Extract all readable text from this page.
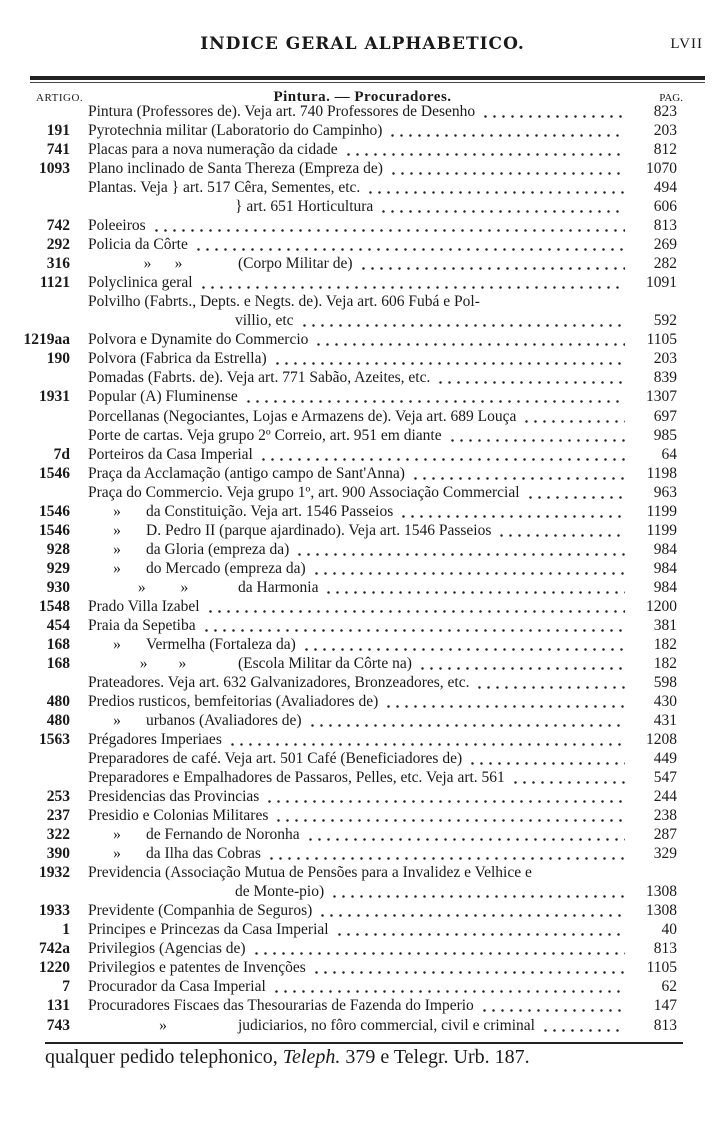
INDICE GERAL ALPHABETICO.	LVII
ARTIGO.	Pintura. — Procuradores.	PAG.
Pintura (Professores de). Veja art. 740 Professores de Desenho	823
191 Pyrotechnia militar (Laboratorio do Campinho)	203
741 Placas para a nova numeração da cidade	812
1093 Plano inclinado de Santa Thereza (Empreza de)	1070
Plantas. Veja } art. 517 Cêra, Sementes, etc.	494
} art. 651 Horticultura	606
742 Poleeiros	813
292 Policia da Côrte	269
316	»      »	(Corpo Militar de)	282
1121 Polyclinica geral	1091
Polvilho (Fabrts., Depts. e Negts. de). Veja art. 606 Fubá e Pol-
villio, etc	592
1219aa Polvora e Dynamite do Commercio	1105
190 Polvora (Fabrica da Estrella)	203
Pomadas (Fabrts. de). Veja art. 771 Sabão, Azeites, etc.	839
1931 Popular (A) Fluminense	1307
Porcellanas (Negociantes, Lojas e Armazens de). Veja art. 689 Louça	697
Porte de cartas. Veja grupo 2º Correio, art. 951 em diante	985
7d Porteiros da Casa Imperial	64
1546 Praça da Acclamação (antigo campo de Sant'Anna)	1198
Praça do Commercio. Veja grupo 1º, art. 900 Associação Commercial	963
1546	»	da Constituição. Veja art. 1546 Passeios	1199
1546	»	D. Pedro II (parque ajardinado). Veja art. 1546 Passeios	1199
928	»	da Gloria (empreza da)	984
929	»	do Mercado (empreza da)	984
930	»         »	da Harmonia	984
1548 Prado Villa Izabel	1200
454 Praia da Sepetiba	381
168	»	Vermelha (Fortaleza da)	182
168	»        »	(Escola Militar da Côrte na)	182
Prateadores. Veja art. 632 Galvanizadores, Bronzeadores, etc.	598
480 Predios rusticos, bemfeitorias (Avaliadores de)	430
480	»	urbanos (Avaliadores de)	431
1563 Prégadores Imperiaes	1208
Preparadores de café. Veja art. 501 Café (Beneficiadores de)	449
Preparadores e Empalhadores de Passaros, Pelles, etc. Veja art. 561	547
253 Presidencias das Provincias	244
237 Presidio e Colonias Militares	238
322	»	de Fernando de Noronha	287
390	»	da Ilha das Cobras	329
1932 Previdencia (Associação Mutua de Pensões para a Invalidez e Velhice e
de Monte-pio)	1308
1933 Previdente (Companhia de Seguros)	1308
1 Principes e Princezas da Casa Imperial	40
742a Privilegios (Agencias de)	813
1220 Privilegios e patentes de Invenções	1105
7 Procurador da Casa Imperial	62
131 Procuradores Fiscaes das Thesourarias de Fazenda do Imperio	147
743	»	judiciarios, no fôro commercial, civil e criminal	813
qualquer pedido telephonico, Teleph. 379 e Telegr. Urb. 187.
